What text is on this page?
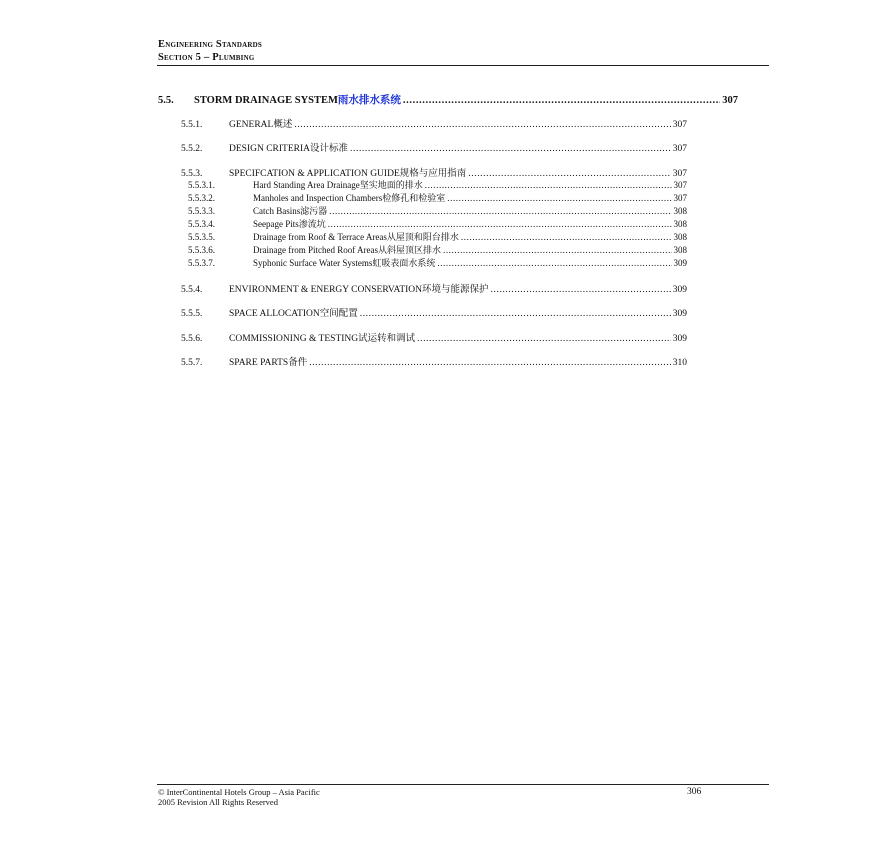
Engineering Standards
Section 5 – Plumbing
5.5.	STORM DRAINAGE SYSTEM 雨水排水系统 .....	307
5.5.1.	GENERAL 概述 .....	307
5.5.2.	DESIGN CRITERIA 设计标准 .....	307
5.5.3.	SPECIFCATION & APPLICATION GUIDE 规格与应用指南 .....	307
5.5.3.1.	Hard Standing Area Drainage 坚实地面的排水 .....	307
5.5.3.2.	Manholes and Inspection Chambers 检修孔和检验室 .....	307
5.5.3.3.	Catch Basins 滤污器 .....	308
5.5.3.4.	Seepage Pits 渗流坑 .....	308
5.5.3.5.	Drainage from Roof & Terrace Areas 从屋顶和阳台排水 .....	308
5.5.3.6.	Drainage from Pitched Roof Areas 从斜屋顶区排水 .....	308
5.5.3.7.	Syphonic Surface Water Systems 虹吸表面水系统 .....	309
5.5.4.	ENVIRONMENT & ENERGY CONSERVATION 环境与能源保护 .....	309
5.5.5.	SPACE ALLOCATION 空间配置 .....	309
5.5.6.	COMMISSIONING & TESTING 试运转和调试 .....	309
5.5.7.	SPARE PARTS 备件 .....	310
© InterContinental Hotels Group – Asia Pacific
2005 Revision All Rights Reserved
306
